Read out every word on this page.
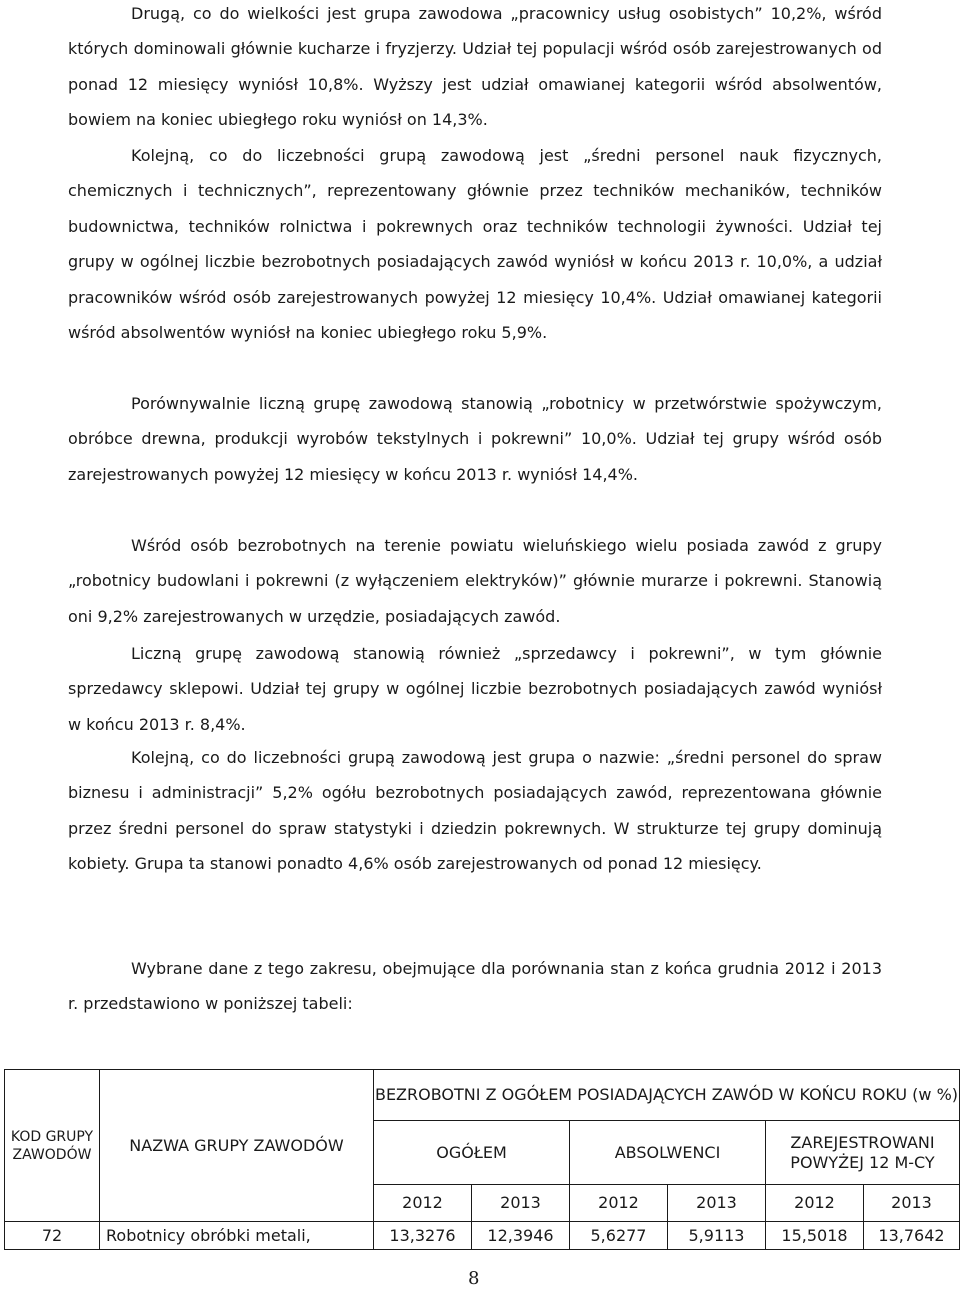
Drugą, co do wielkości jest grupa zawodowa „pracownicy usług osobistych” 10,2%, wśród których dominowali głównie kucharze i fryzjerzy. Udział tej populacji wśród osób zarejestrowanych od ponad 12 miesięcy wyniósł 10,8%. Wyższy jest udział omawianej kategorii wśród absolwentów, bowiem na koniec ubiegłego roku wyniósł on 14,3%.

Kolejną, co do liczebności grupą zawodową jest „średni personel nauk fizycznych, chemicznych i technicznych”, reprezentowany głównie przez techników mechaników, techników budownictwa, techników rolnictwa i pokrewnych oraz techników technologii żywności. Udział tej grupy w ogólnej liczbie bezrobotnych posiadających zawód wyniósł w końcu 2013 r. 10,0%, a udział pracowników wśród osób zarejestrowanych powyżej 12 miesięcy 10,4%. Udział omawianej kategorii wśród absolwentów wyniósł na koniec ubiegłego roku 5,9%.

Porównywalnie liczną grupę zawodową stanowią „robotnicy w przetwórstwie spożywczym, obróbce drewna, produkcji wyrobów tekstylnych i pokrewni” 10,0%. Udział tej grupy wśród osób zarejestrowanych powyżej 12 miesięcy w końcu 2013 r. wyniósł 14,4%.

Wśród osób bezrobotnych na terenie powiatu wieluńskiego wielu posiada zawód z grupy „robotnicy budowlani i pokrewni (z wyłączeniem elektryków)” głównie murarze i pokrewni. Stanowią oni 9,2% zarejestrowanych w urzędzie, posiadających zawód.

Liczną grupę zawodową stanowią również „sprzedawcy i pokrewni”, w tym głównie sprzedawcy sklepowi. Udział tej grupy w ogólnej liczbie bezrobotnych posiadających zawód wyniósł w końcu 2013 r. 8,4%.

Kolejną, co do liczebności grupą zawodową jest grupa o nazwie: „średni personel do spraw biznesu i administracji” 5,2% ogółu bezrobotnych posiadających zawód, reprezentowana głównie przez średni personel do spraw statystyki i dziedzin pokrewnych. W strukturze tej grupy dominują kobiety. Grupa ta stanowi ponadto 4,6% osób zarejestrowanych od ponad 12 miesięcy.

Wybrane dane z tego zakresu, obejmujące dla porównania stan z końca grudnia 2012 i 2013 r. przedstawiono w poniższej tabeli:

KOD GRUPY ZAWODÓW	NAZWA GRUPY ZAWODÓW	BEZROBOTNI Z OGÓŁEM POSIADAJĄCYCH ZAWÓD W KOŃCU ROKU (w %)					
		OGÓŁEM		ABSOLWENCI		ZAREJESTROWANI POWYŻEJ 12 M-CY	
		2012	2013	2012	2013	2012	2013
72	Robotnicy obróbki metali,	13,3276	12,3946	5,6277	5,9113	15,5018	13,7642
8
